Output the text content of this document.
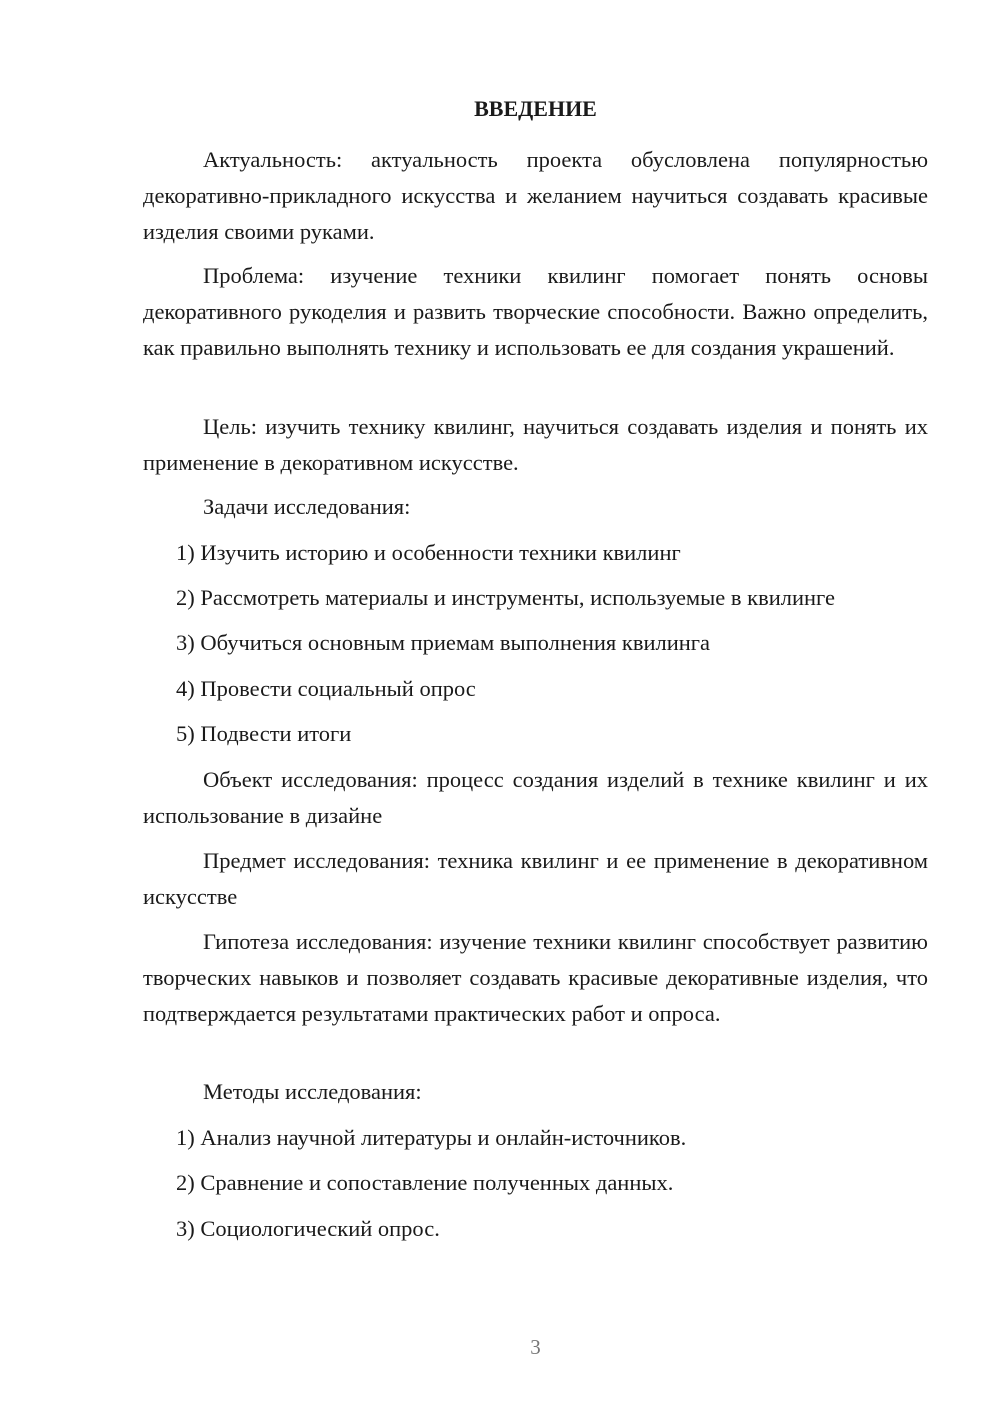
ВВЕДЕНИЕ

Актуальность: актуальность проекта обусловлена популярностью декоративно-прикладного искусства и желанием научиться создавать красивые изделия своими руками.

Проблема: изучение техники квилинг помогает понять основы декоративного рукоделия и развить творческие способности. Важно определить, как правильно выполнять технику и использовать ее для создания украшений.

Цель: изучить технику квилинг, научиться создавать изделия и понять их применение в декоративном искусстве.

Задачи исследования:

1) Изучить историю и особенности техники квилинг

2) Рассмотреть материалы и инструменты, используемые в квилинге

3) Обучиться основным приемам выполнения квилинга

4) Провести социальный опрос

5) Подвести итоги

Объект исследования: процесс создания изделий в технике квилинг и их использование в дизайне

Предмет исследования: техника квилинг и ее применение в декоративном искусстве

Гипотеза исследования: изучение техники квилинг способствует развитию творческих навыков и позволяет создавать красивые декоративные изделия, что подтверждается результатами практических работ и опроса.

Методы исследования:

1) Анализ научной литературы и онлайн-источников.

2) Сравнение и сопоставление полученных данных.

3) Социологический опрос.

3
